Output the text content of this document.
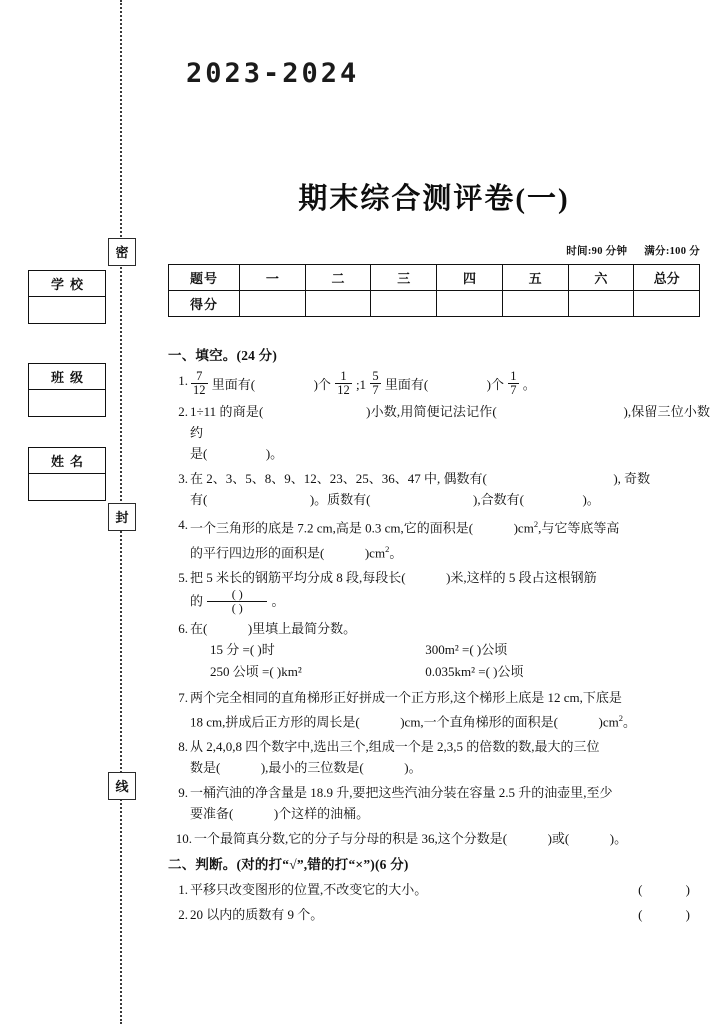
密
封
线
学校
班级
姓名
2023-2024
期末综合测评卷(一)
时间:90 分钟 满分:100 分
题号	一	二	三	四	五	六	总分
得分							
一、填空。(24 分)
1. $\frac{7}{12}$ 里面有(	)个 $\frac{1}{12}$ ;1 $\frac{5}{7}$ 里面有(	)个 $\frac{1}{7}$ 。
2. 1÷11 的商是(	)小数,用简便记法记作(	),保留三位小数约
是(	)。
3. 在 2、3、5、8、9、12、23、25、36、47 中, 偶数有(	), 奇数
有(	)。质数有(	),合数有(	)。
4. 一个三角形的底是 7.2 cm,高是 0.3 cm,它的面积是(	)$cm^2$,与它等底等高
的平行四边形的面积是(	)$cm^2$。
5. 把 5 米长的钢筋平均分成 8 段,每段长(	)米,这样的 5 段占这根钢筋
的 $\frac{( )}{( )}$ 。
6. 在(	)里填上最简分数。
15 分 =( )时	300m² =( )公顷
250 公顷 =( )km²	0.035km² =( )公顷
7. 两个完全相同的直角梯形正好拼成一个正方形,这个梯形上底是 12 cm,下底是
18 cm,拼成后正方形的周长是(	)cm,一个直角梯形的面积是(	)$cm^2$。
8. 从 2,4,0,8 四个数字中,选出三个,组成一个是 2,3,5 的倍数的数,最大的三位
数是(	),最小的三位数是(	)。
9. 一桶汽油的净含量是 18.9 升,要把这些汽油分装在容量 2.5 升的油壶里,至少
要准备(	)个这样的油桶。
10. 一个最简真分数,它的分子与分母的积是 36,这个分数是(	)或(	)。
二、判断。(对的打“√”,错的打“×”)(6 分)
1. 平移只改变图形的位置,不改变它的大小。	( )
2. 20 以内的质数有 9 个。	( )
